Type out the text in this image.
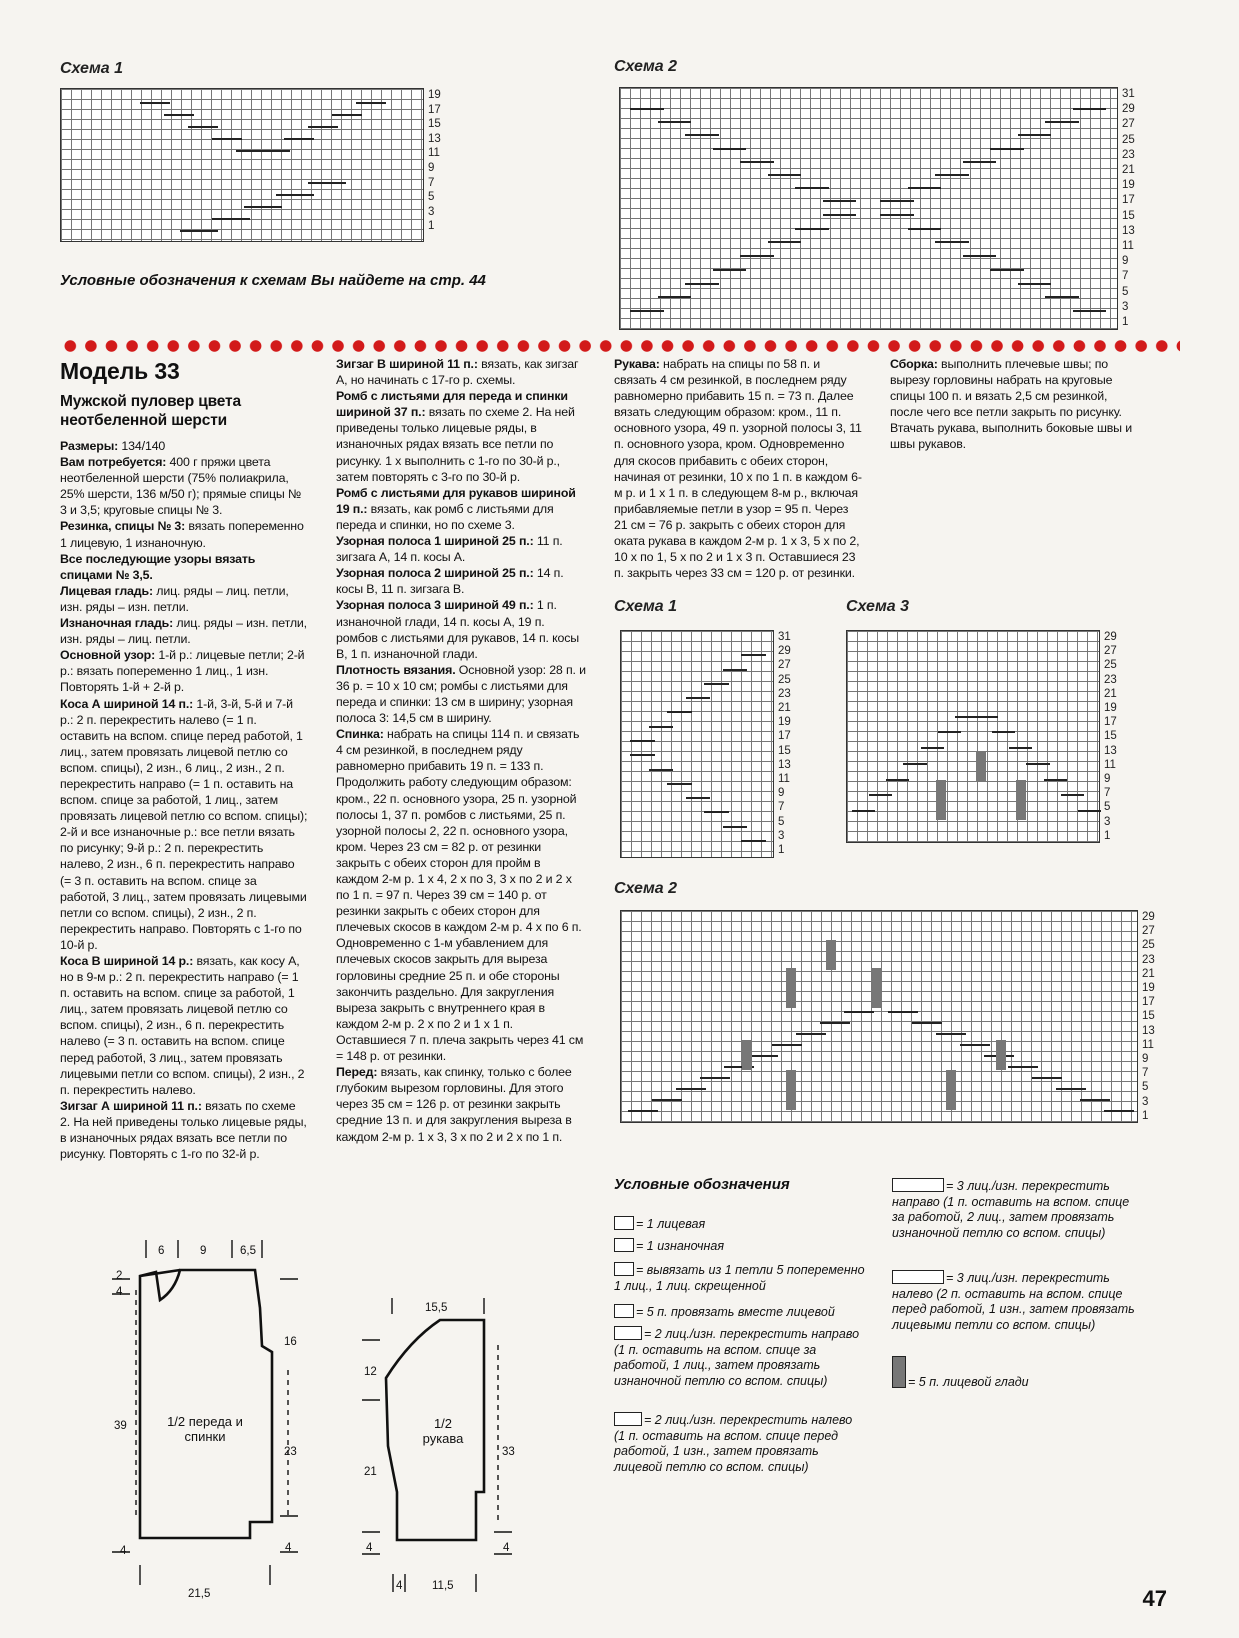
Схема 1
19
17
15
13
11
9
7
5
3
1
Схема 2
31
29
27
25
23
21
19
17
15
13
11
9
7
5
3
1
Условные обозначения к схемам Вы найдете на стр. 44
Модель 33
Мужской пуловер цвета неотбеленной шерсти

Размеры: 134/140

Вам потребуется: 400 г пряжи цвета неотбеленной шерсти (75% полиакрила, 25% шерсти, 136 м/50 г); прямые спицы № 3 и 3,5; круговые спицы № 3.

Резинка, спицы № 3: вязать попеременно 1 лицевую, 1 изнаночную.

Все последующие узоры вязать спицами № 3,5.

Лицевая гладь: лиц. ряды – лиц. петли, изн. ряды – изн. петли.

Изнаночная гладь: лиц. ряды – изн. петли, изн. ряды – лиц. петли.

Основной узор: 1-й р.: лицевые петли; 2-й р.: вязать попеременно 1 лиц., 1 изн. Повторять 1-й + 2-й р.

Коса А шириной 14 п.: 1-й, 3-й, 5-й и 7-й р.: 2 п. перекрестить налево (= 1 п. оставить на вспом. спице перед работой, 1 лиц., затем провязать лицевой петлю со вспом. спицы), 2 изн., 6 лиц., 2 изн., 2 п. перекрестить направо (= 1 п. оставить на вспом. спице за работой, 1 лиц., затем провязать лицевой петлю со вспом. спицы); 2-й и все изнаночные р.: все петли вязать по рисунку; 9-й р.: 2 п. перекрестить налево, 2 изн., 6 п. перекрестить направо (= 3 п. оставить на вспом. спице за работой, 3 лиц., затем провязать лицевыми петли со вспом. спицы), 2 изн., 2 п. перекрестить направо. Повторять с 1-го по 10-й р.

Коса В шириной 14 р.: вязать, как косу А, но в 9-м р.: 2 п. перекрестить направо (= 1 п. оставить на вспом. спице за работой, 1 лиц., затем провязать лицевой петлю со вспом. спицы), 2 изн., 6 п. перекрестить налево (= 3 п. оставить на вспом. спице перед работой, 3 лиц., затем провязать лицевыми петли со вспом. спицы), 2 изн., 2 п. перекрестить налево.

Зигзаг А шириной 11 п.: вязать по схеме 2. На ней приведены только лицевые ряды, в изнаночных рядах вязать все петли по рисунку. Повторять с 1-го по 32-й р.

Зигзаг В шириной 11 п.: вязать, как зигзаг А, но начинать с 17-го р. схемы.

Ромб с листьями для переда и спинки шириной 37 п.: вязать по схеме 2. На ней приведены только лицевые ряды, в изнаночных рядах вязать все петли по рисунку. 1 х выполнить с 1-го по 30-й р., затем повторять с 3-го по 30-й р.

Ромб с листьями для рукавов шириной 19 п.: вязать, как ромб с листьями для переда и спинки, но по схеме 3.

Узорная полоса 1 шириной 25 п.: 11 п. зигзага А, 14 п. косы А.

Узорная полоса 2 шириной 25 п.: 14 п. косы В, 11 п. зигзага В.

Узорная полоса 3 шириной 49 п.: 1 п. изнаночной глади, 14 п. косы А, 19 п. ромбов с листьями для рукавов, 14 п. косы В, 1 п. изнаночной глади.

Плотность вязания. Основной узор: 28 п. и 36 р. = 10 х 10 см; ромбы с листьями для переда и спинки: 13 см в ширину; узорная полоса 3: 14,5 см в ширину.

Спинка: набрать на спицы 114 п. и связать 4 см резинкой, в последнем ряду равномерно прибавить 19 п. = 133 п. Продолжить работу следующим образом: кром., 22 п. основного узора, 25 п. узорной полосы 1, 37 п. ромбов с листьями, 25 п. узорной полосы 2, 22 п. основного узора, кром. Через 23 см = 82 р. от резинки закрыть с обеих сторон для пройм в каждом 2-м р. 1 х 4, 2 х по 3, 3 х по 2 и 2 х по 1 п. = 97 п. Через 39 см = 140 р. от резинки закрыть с обеих сторон для плечевых скосов в каждом 2-м р. 4 х по 6 п. Одновременно с 1-м убавлением для плечевых скосов закрыть для выреза горловины средние 25 п. и обе стороны закончить раздельно. Для закругления выреза закрыть с внутреннего края в каждом 2-м р. 2 х по 2 и 1 х 1 п. Оставшиеся 7 п. плеча закрыть через 41 см = 148 р. от резинки.

Перед: вязать, как спинку, только с более глубоким вырезом горловины. Для этого через 35 см = 126 р. от резинки закрыть средние 13 п. и для закругления выреза в каждом 2-м р. 1 х 3, 3 х по 2 и 2 х по 1 п.

Рукава: набрать на спицы по 58 п. и связать 4 см резинкой, в последнем ряду равномерно прибавить 15 п. = 73 п. Далее вязать следующим образом: кром., 11 п. основного узора, 49 п. узорной полосы 3, 11 п. основного узора, кром. Одновременно для скосов прибавить с обеих сторон, начиная от резинки, 10 х по 1 п. в каждом 6-м р. и 1 х 1 п. в следующем 8-м р., включая прибавляемые петли в узор = 95 п. Через 21 см = 76 р. закрыть с обеих сторон для оката рукава в каждом 2-м р. 1 х 3, 5 х по 2, 10 х по 1, 5 х по 2 и 1 х 3 п. Оставшиеся 23 п. закрыть через 33 см = 120 р. от резинки.

Сборка: выполнить плечевые швы; по вырезу горловины набрать на круговые спицы 100 п. и вязать 2,5 см резинкой, после чего все петли закрыть по рисунку. Втачать рукава, выполнить боковые швы и швы рукавов.

Схема 1
31
29
27
25
23
21
19
17
15
13
11
9
7
5
3
1
Схема 3
29
27
25
23
21
19
17
15
13
11
9
7
5
3
1
Схема 2
29
27
25
23
21
19
17
15
13
11
9
7
5
3
1
Условные обозначения
= 1 лицевая
= 1 изнаночная
= вывязать из 1 петли 5 попеременно 1 лиц., 1 лиц. скрещенной
= 5 п. провязать вместе лицевой
= 2 лиц./изн. перекрестить направо (1 п. оставить на вспом. спице за работой, 1 лиц., затем провязать изнаночной петлю со вспом. спицы)
= 2 лиц./изн. перекрестить налево (1 п. оставить на вспом. спице перед работой, 1 изн., затем провязать лицевой петлю со вспом. спицы)
= 3 лиц./изн. перекрестить направо (1 п. оставить на вспом. спице за работой, 2 лиц., затем провязать изнаночной петлю со вспом. спицы)
= 3 лиц./изн. перекрестить налево (2 п. оставить на вспом. спице перед работой, 1 изн., затем провязать лицевыми петли со вспом. спицы)
= 5 п. лицевой глади
6	9	6,5
2
4
16
39
23
4	4
21,5
1/2 переда и спинки
15,5
12
21
33
4	4
4	11,5
1/2 рукава
47
